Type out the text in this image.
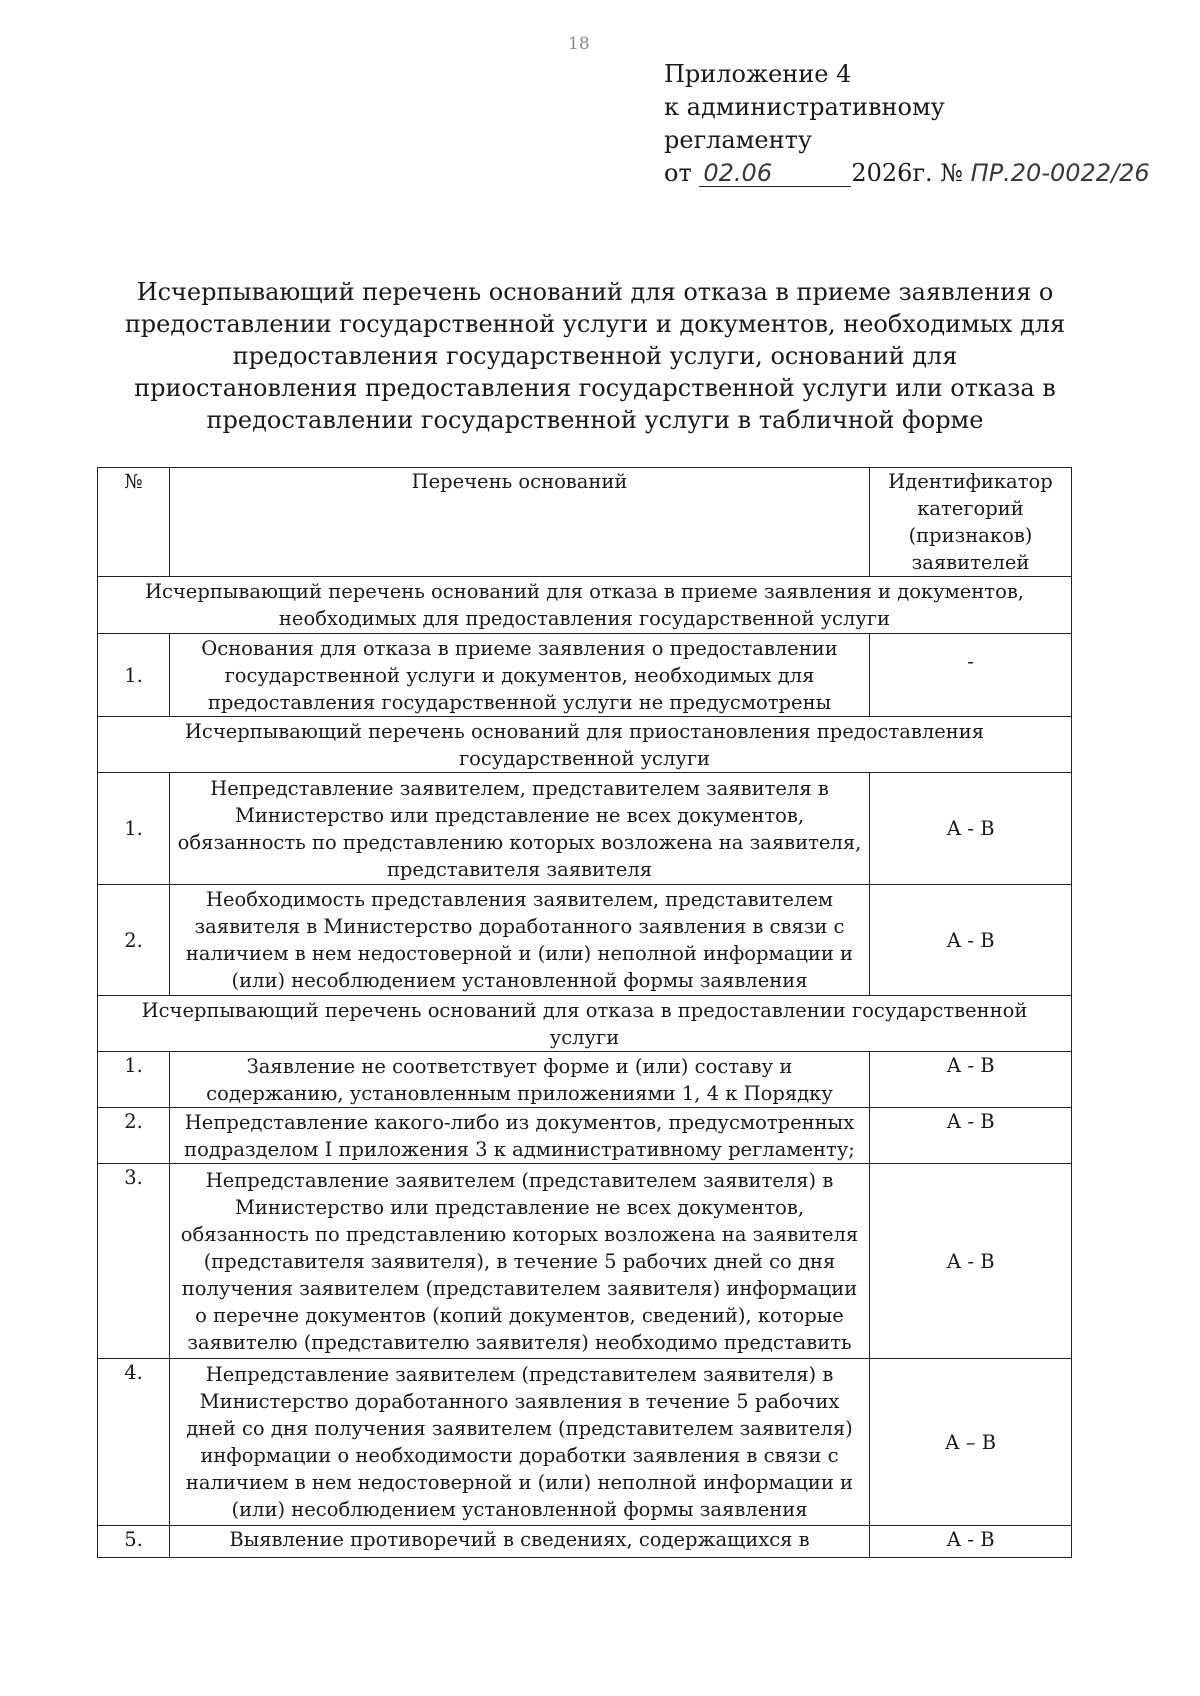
18
Приложение 4
к административному
регламенту
от 02.06	2026г. № ПР.20-0022/26
Исчерпывающий перечень оснований для отказа в приеме заявления о предоставлении государственной услуги и документов, необходимых для предоставления государственной услуги, оснований для приостановления предоставления государственной услуги или отказа в предоставлении государственной услуги в табличной форме
№	Перечень оснований	Идентификатор категорий (признаков) заявителей
Исчерпывающий перечень оснований для отказа в приеме заявления и документов, необходимых для предоставления государственной услуги		
1.	Основания для отказа в приеме заявления о предоставлении государственной услуги и документов, необходимых для предоставления государственной услуги не предусмотрены	-
Исчерпывающий перечень оснований для приостановления предоставления государственной услуги		
1.	Непредставление заявителем, представителем заявителя в Министерство или представление не всех документов, обязанность по представлению которых возложена на заявителя, представителя заявителя	А - В
2.	Необходимость представления заявителем, представителем заявителя в Министерство доработанного заявления в связи с наличием в нем недостоверной и (или) неполной информации и (или) несоблюдением установленной формы заявления	А - В
Исчерпывающий перечень оснований для отказа в предоставлении государственной услуги		
1.	Заявление не соответствует форме и (или) составу и содержанию, установленным приложениями 1, 4 к Порядку	А - В
2.	Непредставление какого-либо из документов, предусмотренных подразделом I приложения 3 к административному регламенту;	А - В
3.	Непредставление заявителем (представителем заявителя) в Министерство или представление не всех документов, обязанность по представлению которых возложена на заявителя (представителя заявителя), в течение 5 рабочих дней со дня получения заявителем (представителем заявителя) информации о перечне документов (копий документов, сведений), которые заявителю (представителю заявителя) необходимо представить	А - В
4.	Непредставление заявителем (представителем заявителя) в Министерство доработанного заявления в течение 5 рабочих дней со дня получения заявителем (представителем заявителя) информации о необходимости доработки заявления в связи с наличием в нем недостоверной и (или) неполной информации и (или) несоблюдением установленной формы заявления	А – В
5.	Выявление противоречий в сведениях, содержащихся в	А - В
